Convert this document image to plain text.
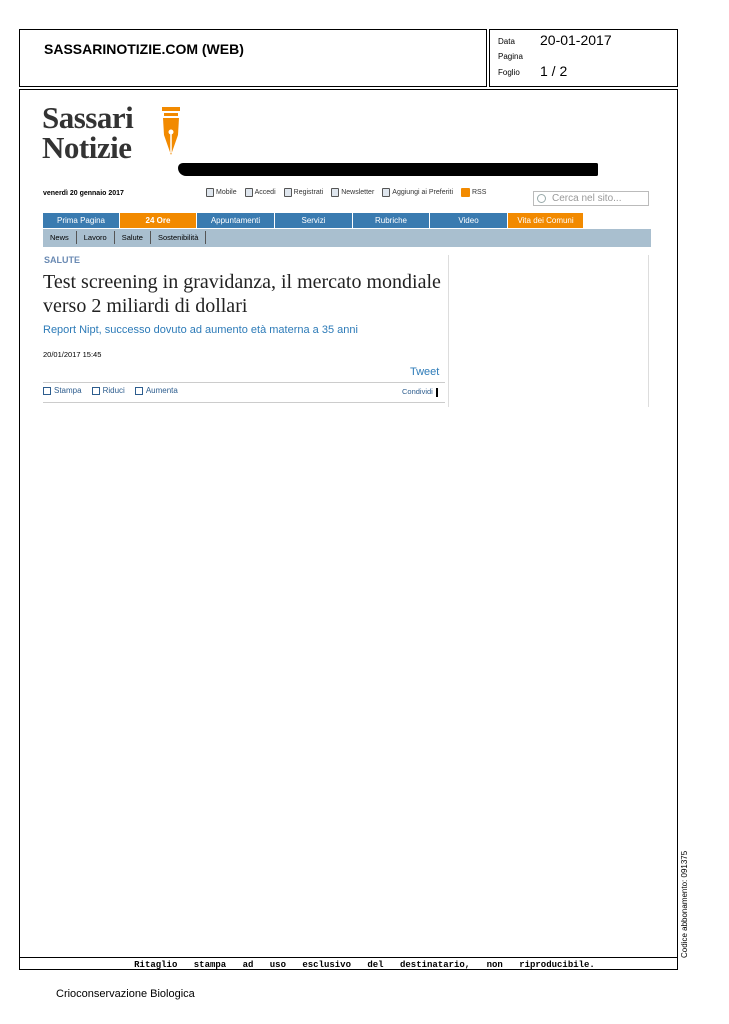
SASSARINOTIZIE.COM (WEB)	Data 20-01-2017
Pagina
Foglio 1 / 2
Sassari
Notizie
venerdì 20 gennaio 2017	Mobile	Accedi	Registrati	Newsletter	Aggiungi ai Preferiti	RSS
Cerca nel sito...
Prima Pagina	24 Ore	Appuntamenti	Servizi	Rubriche	Video	Vita dei Comuni
News	Lavoro	Salute	Sostenibilità
SALUTE
Test screening in gravidanza, il mercato mondiale verso 2 miliardi di dollari
Report Nipt, successo dovuto ad aumento età materna a 35 anni
20/01/2017 15:45
Tweet
Stampa	Riduci	Aumenta	Condividi
Ritaglio stampa ad uso esclusivo del destinatario, non riproducibile.
Codice abbonamento: 091375
Crioconservazione Biologica
